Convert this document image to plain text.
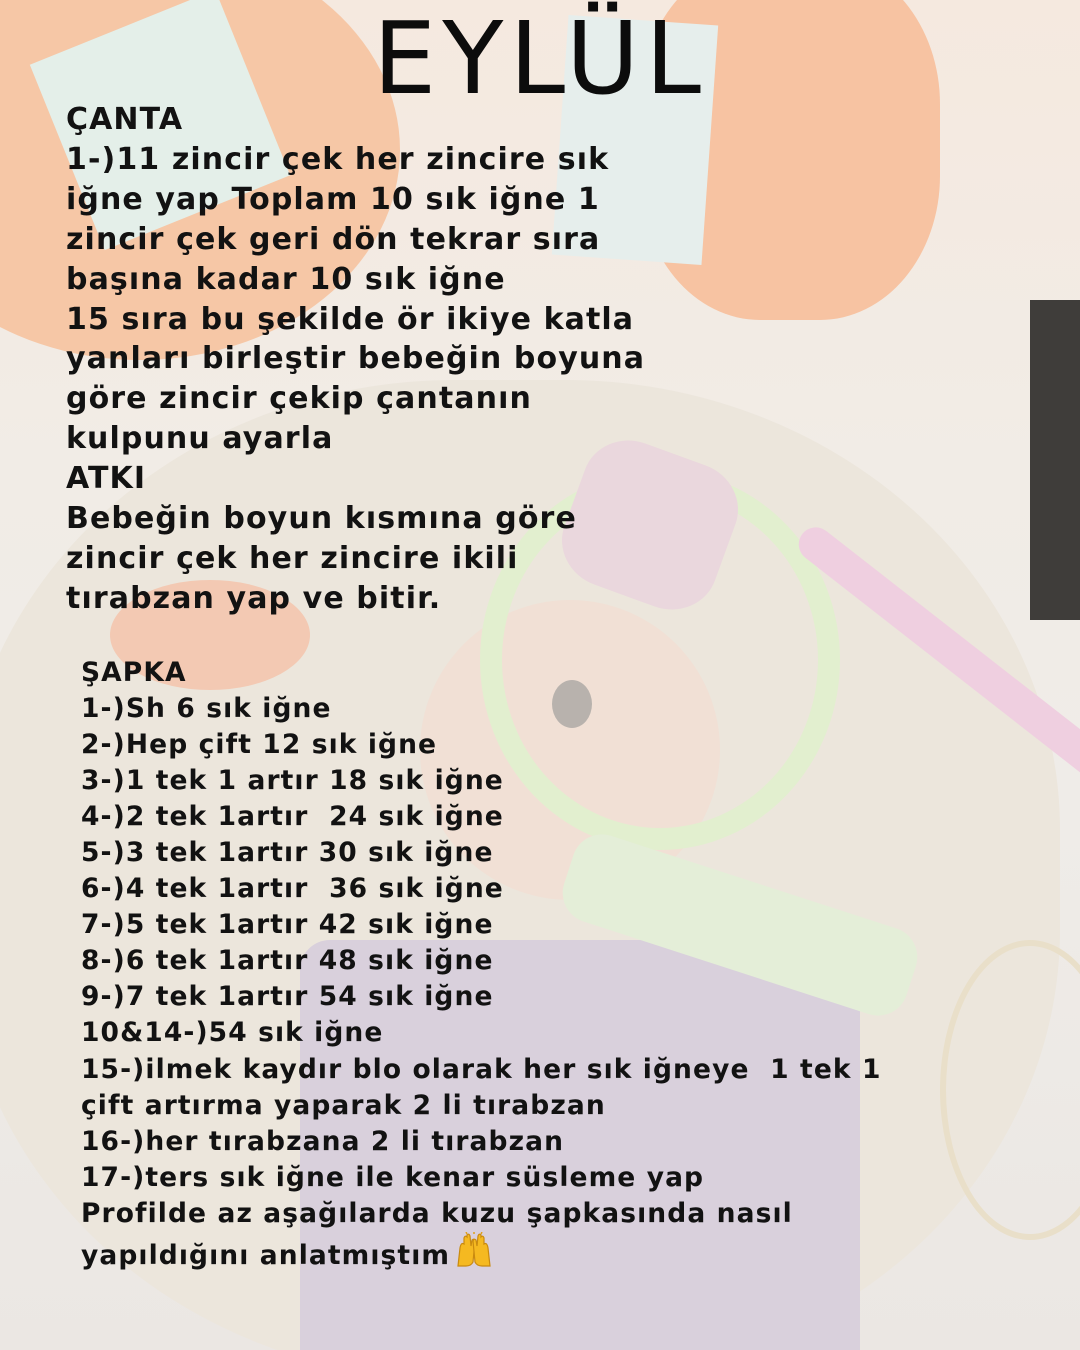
EYLÜL
ÇANTA
1-)11 zincir çek her zincire sık
iğne yap Toplam 10 sık iğne 1
zincir çek geri dön tekrar sıra
başına kadar 10 sık iğne
15 sıra bu şekilde ör ikiye katla
yanları birleştir bebeğin boyuna
göre zincir çekip çantanın
kulpunu ayarla
ATKI
Bebeğin boyun kısmına göre
zincir çek her zincire ikili
tırabzan yap ve bitir.
ŞAPKA
1-)Sh 6 sık iğne
2-)Hep çift 12 sık iğne
3-)1 tek 1 artır 18 sık iğne
4-)2 tek 1artır  24 sık iğne
5-)3 tek 1artır 30 sık iğne
6-)4 tek 1artır  36 sık iğne
7-)5 tek 1artır 42 sık iğne
8-)6 tek 1artır 48 sık iğne
9-)7 tek 1artır 54 sık iğne
10&14-)54 sık iğne
15-)ilmek kaydır blo olarak her sık iğneye  1 tek 1
çift artırma yaparak 2 li tırabzan
16-)her tırabzana 2 li tırabzan
17-)ters sık iğne ile kenar süsleme yap
Profilde az aşağılarda kuzu şapkasında nasıl
yapıldığını anlatmıştım
